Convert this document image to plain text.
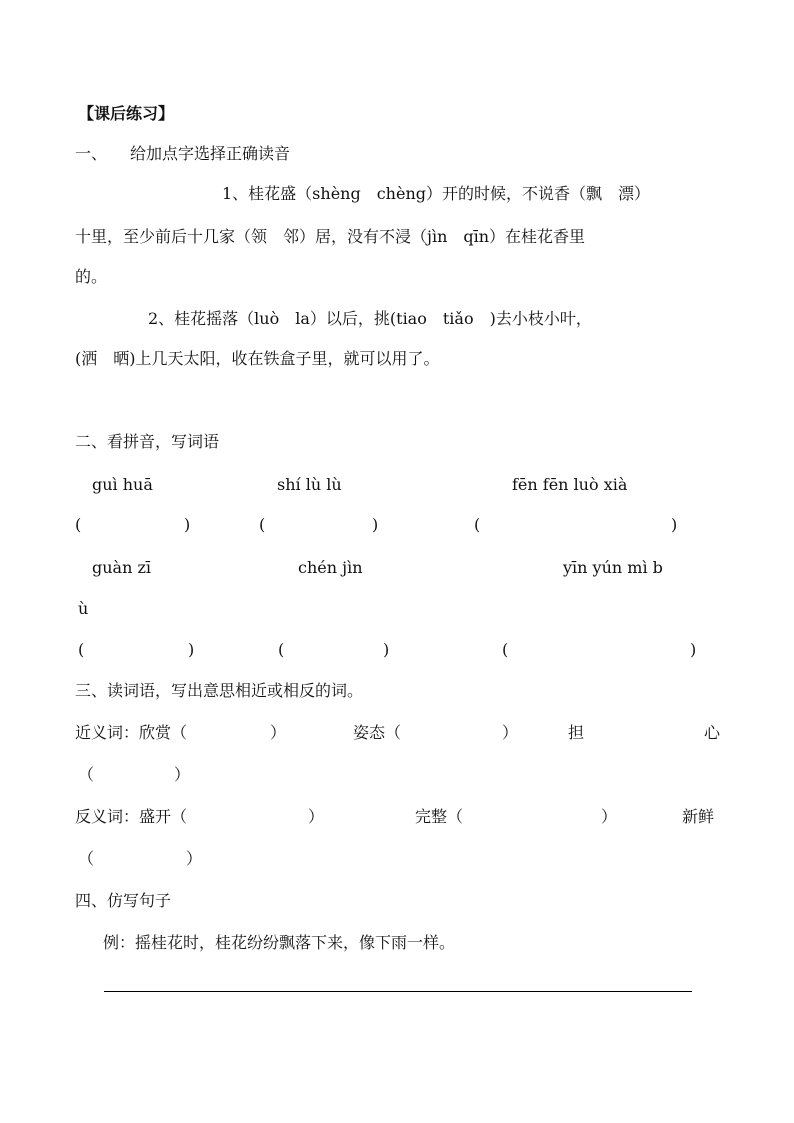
【课后练习】
一、 给加点字选择正确读音
1、桂花盛（shèng　chèng）开的时候，不说香（飘　漂）
十里，至少前后十几家（领　邻）居，没有不浸（jìn　qīn）在桂花香里
的。
2、桂花摇落（luò　la）以后，挑(tiao　tiǎo　)去小枝小叶，
(洒　晒)上几天太阳，收在铁盒子里，就可以用了。
二、看拼音，写词语
guì huā	shí lù lù	fēn fēn luò xià
(	)	(	)	(	)
guàn zī	chén jìn	yīn yún mì b
ù
(	)	(	)	(	)
三、读词语，写出意思相近或相反的词。
近义词：欣赏（	）	姿态（	）	担	心
（	）
反义词：盛开（	）	完整（	）	新鲜
（	）
四、仿写句子
例：摇桂花时，桂花纷纷飘落下来，像下雨一样。
